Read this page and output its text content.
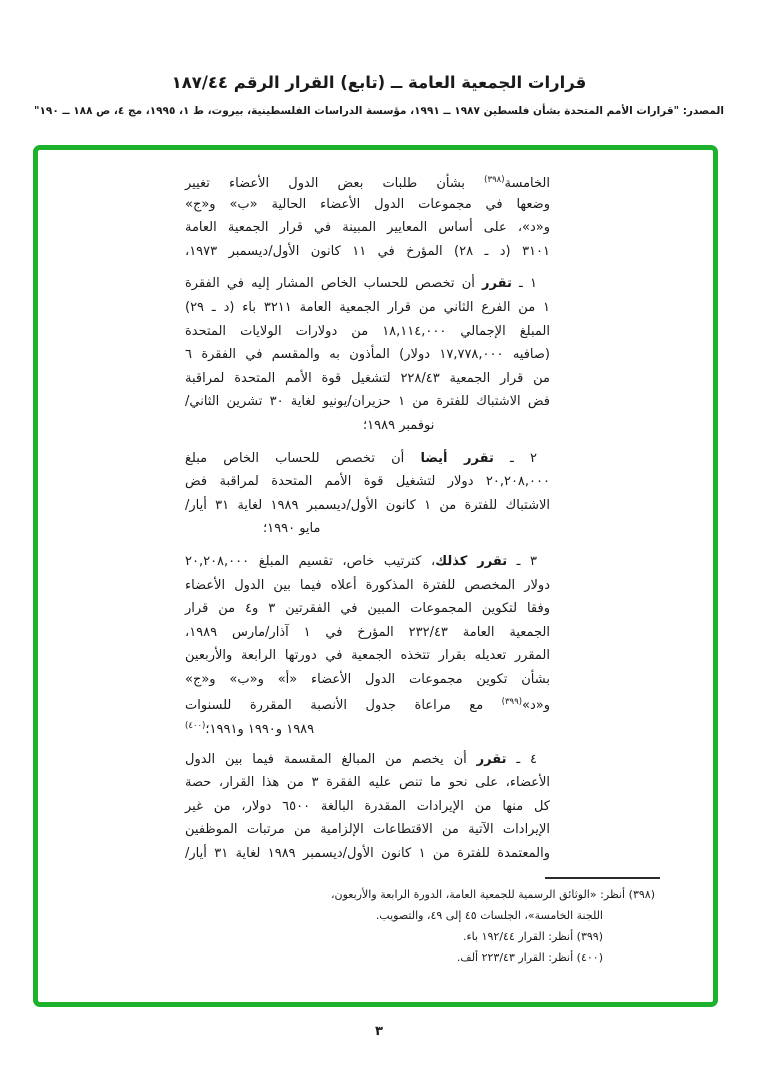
قرارات الجمعية العامة ــ (تابع) القرار الرقم ١٨٧/٤٤
المصدر: "قرارات الأمم المتحدة بشأن فلسطين ١٩٨٧ ــ ١٩٩١، مؤسسة الدراسات الفلسطينية، بيروت، ط ١، ١٩٩٥، مج ٤، ص ١٨٨ ــ ١٩٠"
الخامسة$^{(٣٩٨)}$ بشأن طلبات بعض الدول الأعضاء تغيير
وضعها في مجموعات الدول الأعضاء الحالية «ب» و«ج»
و«د»، على أساس المعايير المبينة في قرار الجمعية العامة
٣١٠١ (د ـ ٢٨) المؤرخ في ١١ كانون الأول/ديسمبر ١٩٧٣،
١ ـ تقرر أن تخصص للحساب الخاص المشار إليه في الفقرة
١ من الفرع الثاني من قرار الجمعية العامة ٣٢١١ باء (د ـ ٢٩)
المبلغ الإجمالي ١٨,١١٤,٠٠٠ من دولارات الولايات المتحدة
(صافيه ١٧,٧٧٨,٠٠٠ دولار) المأذون به والمقسم في الفقرة ٦
من قرار الجمعية ٢٢٨/٤٣ لتشغيل قوة الأمم المتحدة لمراقبة
فض الاشتباك للفترة من ١ حزيران/يونيو لغاية ٣٠ تشرين الثاني/
نوفمبر ١٩٨٩؛
٢ ـ تقرر أيضا أن تخصص للحساب الخاص مبلغ
٢٠,٢٠٨,٠٠٠ دولار لتشغيل قوة الأمم المتحدة لمراقبة فض
الاشتباك للفترة من ١ كانون الأول/ديسمبر ١٩٨٩ لغاية ٣١ أيار/
مايو ١٩٩٠؛
٣ ـ تقرر كذلك، كترتيب خاص، تقسيم المبلغ ٢٠,٢٠٨,٠٠٠
دولار المخصص للفترة المذكورة أعلاه فيما بين الدول الأعضاء
وفقا لتكوين المجموعات المبين في الفقرتين ٣ و٤ من قرار
الجمعية العامة ٢٣٢/٤٣ المؤرخ في ١ آذار/مارس ١٩٨٩،
المقرر تعديله بقرار تتخذه الجمعية في دورتها الرابعة والأربعين
بشأن تكوين مجموعات الدول الأعضاء «أ» و«ب» و«ج»
و«د»$^{(٣٩٩)}$ مع مراعاة جدول الأنصبة المقررة للسنوات
١٩٨٩ و١٩٩٠ و١٩٩١؛$^{(٤٠٠)}$
٤ ـ تقرر أن يخصم من المبالغ المقسمة فيما بين الدول
الأعضاء، على نحو ما تنص عليه الفقرة ٣ من هذا القرار، حصة
كل منها من الإيرادات المقدرة البالغة ٦٥٠٠ دولار، من غير
الإيرادات الآتية من الاقتطاعات الإلزامية من مرتبات الموظفين
والمعتمدة للفترة من ١ كانون الأول/ديسمبر ١٩٨٩ لغاية ٣١ أيار/
(٣٩٨) أنظر: «الوثائق الرسمية للجمعية العامة، الدورة الرابعة والأربعون،
اللجنة الخامسة»، الجلسات ٤٥ إلى ٤٩، والتصويب.
(٣٩٩) أنظر: القرار ١٩٢/٤٤ باء.
(٤٠٠) أنظر: القرار ٢٢٣/٤٣ ألف.
٣
